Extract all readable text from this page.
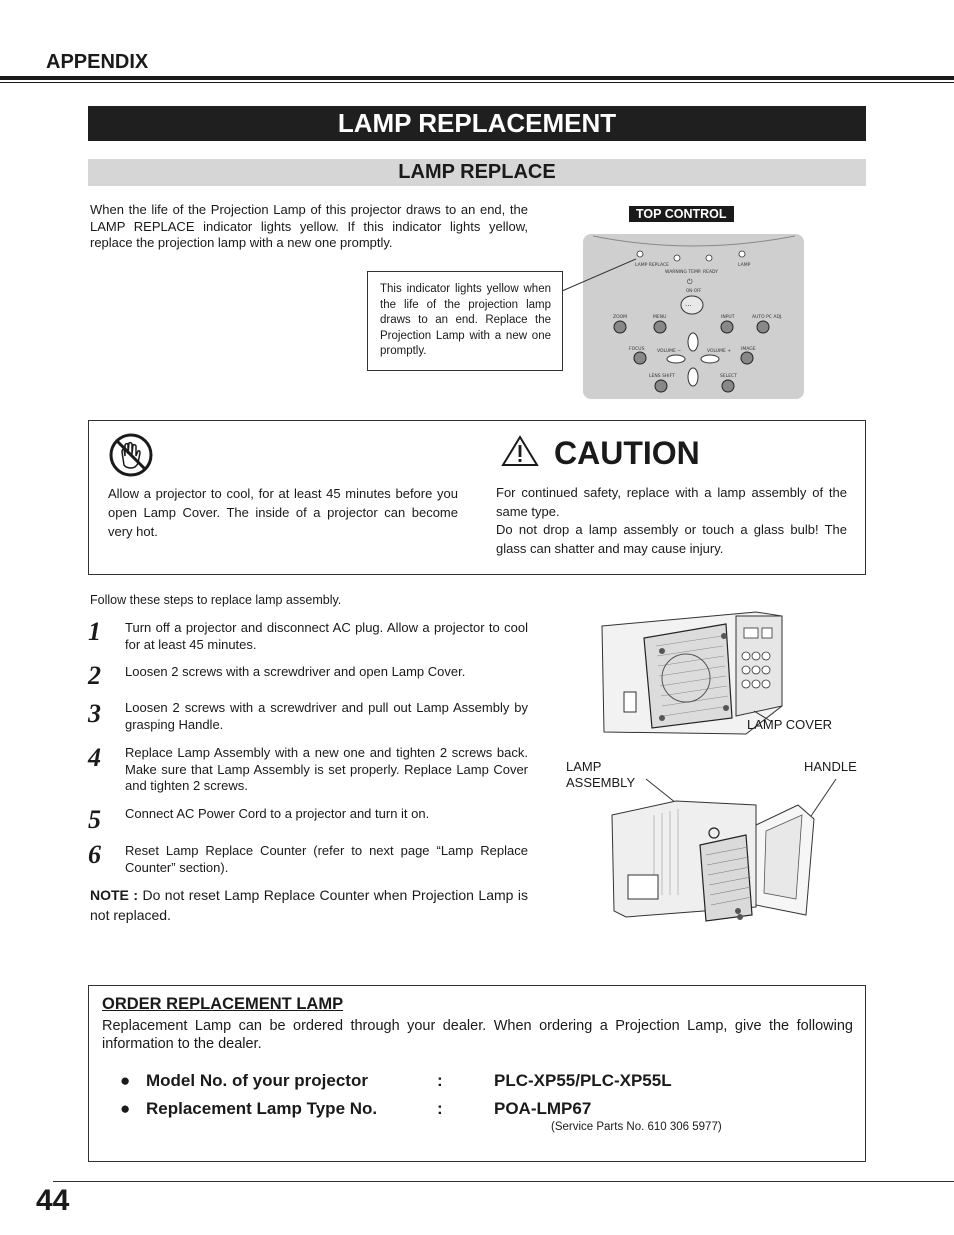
APPENDIX
LAMP REPLACEMENT
LAMP REPLACE
When the life of the Projection Lamp of this projector draws to an end, the LAMP REPLACE indicator lights yellow. If this indicator lights yellow, replace the projection lamp with a new one promptly.
TOP CONTROL
LAMP REPLACE
WARNING TEMP. READY
LAMP
⏻
ON-OFF
···
ZOOM	MENU	INPUT	AUTO PC ADJ.
FOCUS	VOLUME −	VOLUME + IMAGE
LENS SHIFT	SELECT
This indicator lights yellow when the life of the projection lamp draws to an end. Replace the Projection Lamp with a new one promptly.
CAUTION
Allow a projector to cool, for at least 45 minutes before you open Lamp Cover. The inside of a projector can become very hot.
For continued safety, replace with a lamp assembly of the same type.
Do not drop a lamp assembly or touch a glass bulb! The glass can shatter and may cause injury.
Follow these steps to replace lamp assembly.
1 Turn off a projector and disconnect AC plug. Allow a projector to cool for at least 45 minutes.
2 Loosen 2 screws with a screwdriver and open Lamp Cover.
3 Loosen 2 screws with a screwdriver and pull out Lamp Assembly by grasping Handle.
4 Replace Lamp Assembly with a new one and tighten 2 screws back. Make sure that Lamp Assembly is set properly. Replace Lamp Cover and tighten 2 screws.
5 Connect AC Power Cord to a projector and turn it on.
6 Reset Lamp Replace Counter (refer to next page “Lamp Replace Counter” section).
NOTE : Do not reset Lamp Replace Counter when Projection Lamp is not replaced.
LAMP COVER
LAMP
ASSEMBLY
HANDLE
ORDER REPLACEMENT LAMP
Replacement Lamp can be ordered through your dealer. When ordering a Projection Lamp, give the following information to the dealer.
● Model No. of your projector	:	PLC-XP55/PLC-XP55L
● Replacement Lamp Type No.	:	POA-LMP67
(Service Parts No. 610 306 5977)
44
